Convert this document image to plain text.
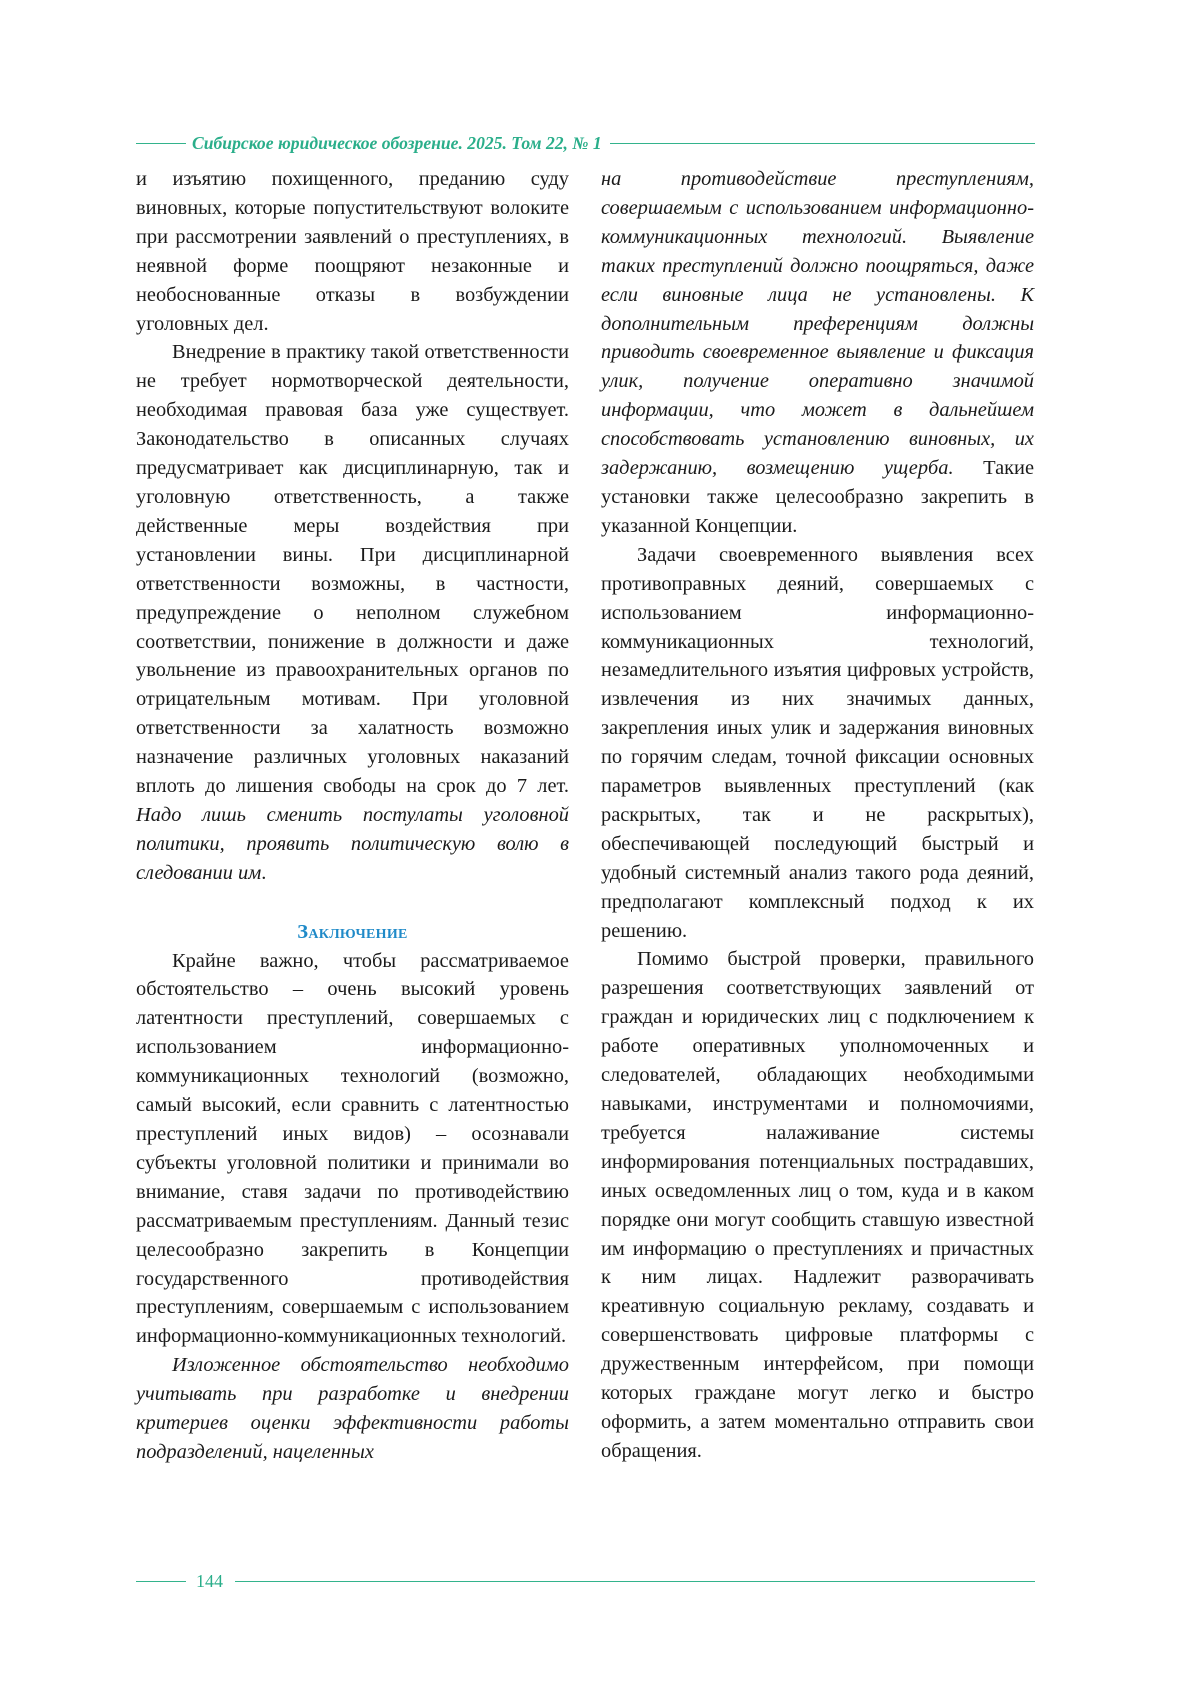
Сибирское юридическое обозрение. 2025. Том 22, № 1

и изъятию похищенного, преданию суду виновных, которые попустительствуют волоките при рассмотрении заявлений о преступлениях, в неявной форме поощряют незаконные и необоснованные отказы в возбуждении уголовных дел.

Внедрение в практику такой ответственности не требует нормотворческой деятельности, необходимая правовая база уже существует. Законодательство в описанных случаях предусматривает как дисциплинарную, так и уголовную ответственность, а также действенные меры воздействия при установлении вины. При дисциплинарной ответственности возможны, в частности, предупреждение о неполном служебном соответствии, понижение в должности и даже увольнение из правоохранительных органов по отрицательным мотивам. При уголовной ответственности за халатность возможно назначение различных уголовных наказаний вплоть до лишения свободы на срок до 7 лет. Надо лишь сменить постулаты уголовной политики, проявить политическую волю в следовании им.

Заключение

Крайне важно, чтобы рассматриваемое обстоятельство – очень высокий уровень латентности преступлений, совершаемых с использованием информационно-коммуникационных технологий (возможно, самый высокий, если сравнить с латентностью преступлений иных видов) – осознавали субъекты уголовной политики и принимали во внимание, ставя задачи по противодействию рассматриваемым преступлениям. Данный тезис целесообразно закрепить в Концепции государственного противодействия преступлениям, совершаемым с использованием информационно-коммуникационных технологий.

Изложенное обстоятельство необходимо учитывать при разработке и внедрении критериев оценки эффективности работы подразделений, нацеленных

на противодействие преступлениям, совершаемым с использованием информационно-коммуникационных технологий. Выявление таких преступлений должно поощряться, даже если виновные лица не установлены. К дополнительным преференциям должны приводить своевременное выявление и фиксация улик, получение оперативно значимой информации, что может в дальнейшем способствовать установлению виновных, их задержанию, возмещению ущерба. Такие установки также целесообразно закрепить в указанной Концепции.

Задачи своевременного выявления всех противоправных деяний, совершаемых с использованием информационно-коммуникационных технологий, незамедлительного изъятия цифровых устройств, извлечения из них значимых данных, закрепления иных улик и задержания виновных по горячим следам, точной фиксации основных параметров выявленных преступлений (как раскрытых, так и не раскрытых), обеспечивающей последующий быстрый и удобный системный анализ такого рода деяний, предполагают комплексный подход к их решению.

Помимо быстрой проверки, правильного разрешения соответствующих заявлений от граждан и юридических лиц с подключением к работе оперативных уполномоченных и следователей, обладающих необходимыми навыками, инструментами и полномочиями, требуется налаживание системы информирования потенциальных пострадавших, иных осведомленных лиц о том, куда и в каком порядке они могут сообщить ставшую известной им информацию о преступлениях и причастных к ним лицах. Надлежит разворачивать креативную социальную рекламу, создавать и совершенствовать цифровые платформы с дружественным интерфейсом, при помощи которых граждане могут легко и быстро оформить, а затем моментально отправить свои обращения.

144
